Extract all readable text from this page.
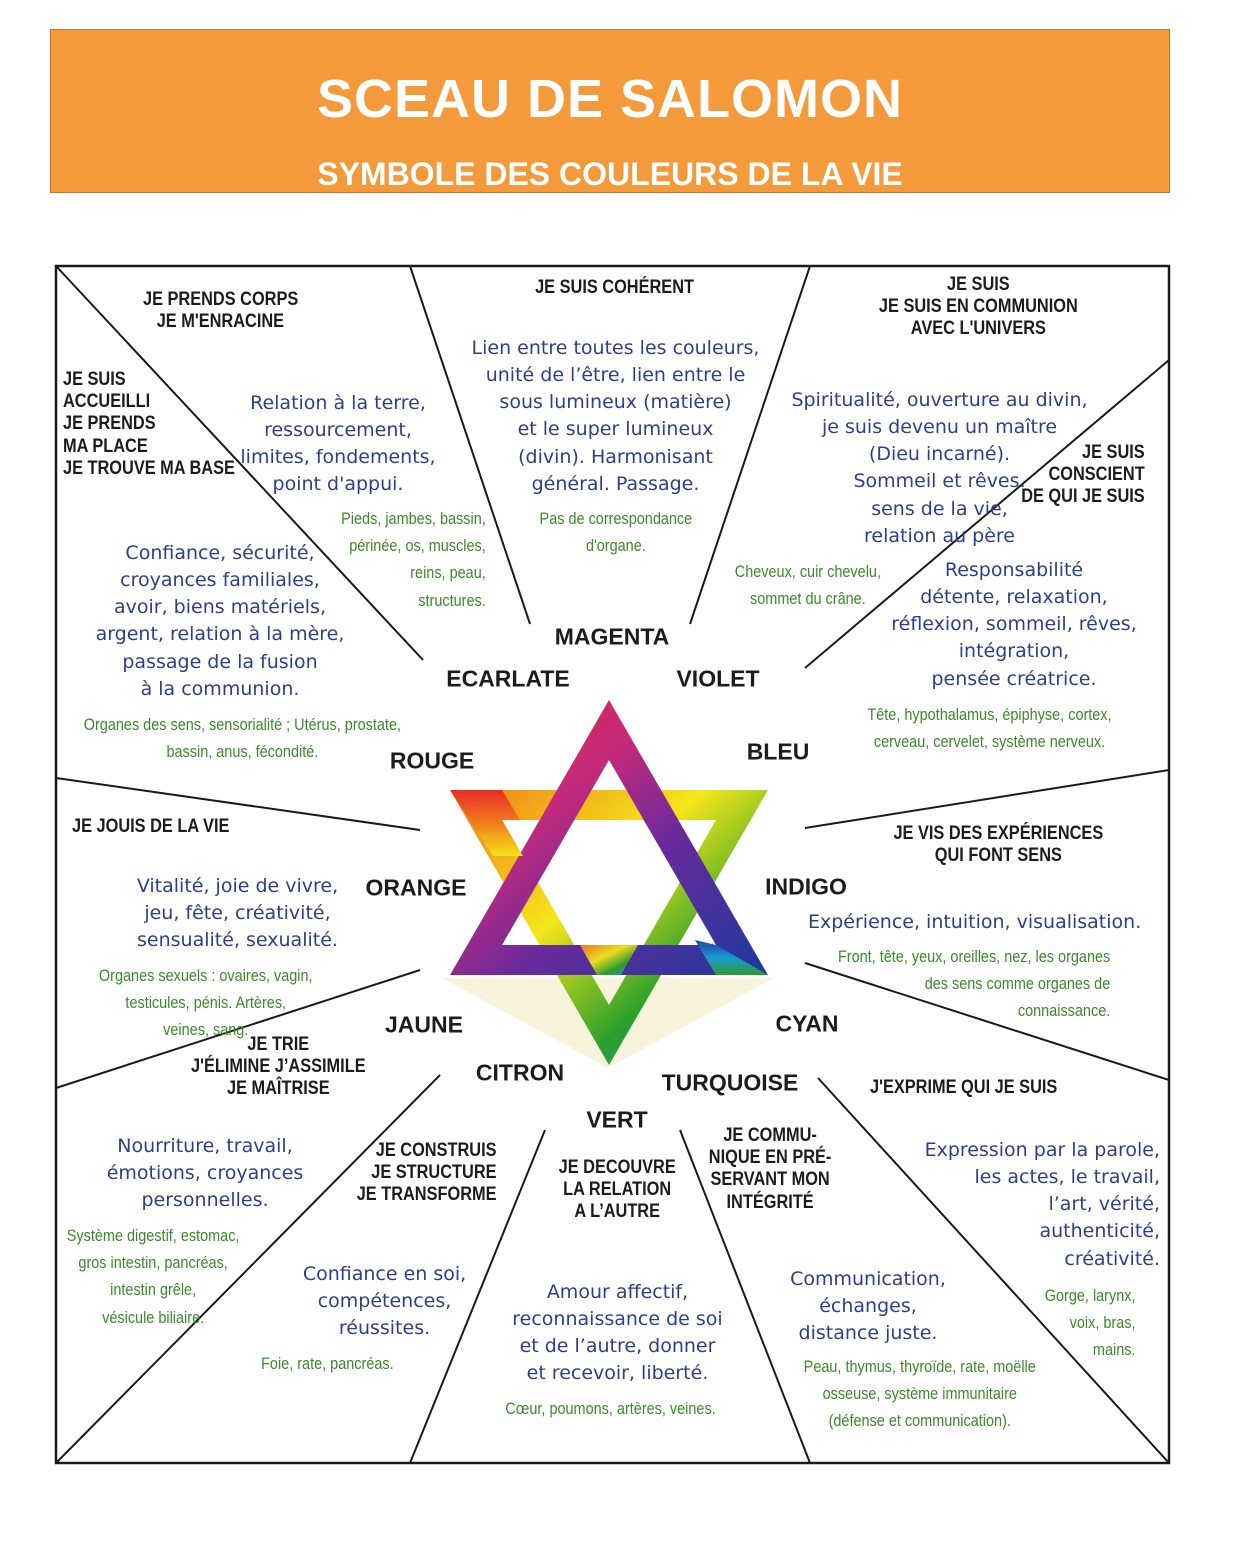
SCEAU DE SALOMON
SYMBOLE DES COULEURS DE LA VIE
MAGENTA
ECARLATE	VIOLET
ROUGE	BLEU
ORANGE	INDIGO
JAUNE	CYAN
CITRON	TURQUOISE
VERT
JE PRENDS CORPS
JE M'ENRACINE
Relation à la terre,
ressourcement,
limites, fondements,
point d'appui.
Pieds, jambes, bassin,
périnée, os, muscles,
reins, peau,
structures.
JE SUIS COHÉRENT
Lien entre toutes les couleurs,
unité de l’être, lien entre le
sous lumineux (matière)
et le super lumineux
(divin). Harmonisant
général. Passage.
Pas de correspondance
d'organe.
JE SUIS
JE SUIS EN COMMUNION
AVEC L'UNIVERS
Spiritualité, ouverture au divin,
je suis devenu un maître
(Dieu incarné).
Sommeil et rêves.
sens de la vie,
relation au père
Cheveux, cuir chevelu,
sommet du crâne.
JE SUIS
ACCUEILLI
JE PRENDS
MA PLACE
JE TROUVE MA BASE
Confiance, sécurité,
croyances familiales,
avoir, biens matériels,
argent, relation à la mère,
passage de la fusion
à la communion.
Organes des sens, sensorialité ; Utérus, prostate,
bassin, anus, fécondité.
JE SUIS
CONSCIENT
DE QUI JE SUIS
Responsabilité
détente, relaxation,
réflexion, sommeil, rêves,
intégration,
pensée créatrice.
Tête, hypothalamus, épiphyse, cortex,
cerveau, cervelet, système nerveux.
JE JOUIS DE LA VIE
Vitalité, joie de vivre,
jeu, fête, créativité,
sensualité, sexualité.
Organes sexuels : ovaires, vagin,
testicules, pénis. Artères,
veines, sang.
JE VIS DES EXPÉRIENCES
QUI FONT SENS
Expérience, intuition, visualisation.
Front, tête, yeux, oreilles, nez, les organes
des sens comme organes de
connaissance.
JE TRIE
J'ÉLIMINE J’ASSIMILE
JE MAÎTRISE
Nourriture, travail,
émotions, croyances
personnelles.
Système digestif, estomac,
gros intestin, pancréas,
intestin grêle,
vésicule biliaire.
JE CONSTRUIS
JE STRUCTURE
JE TRANSFORME
Confiance en soi,
compétences,
réussites.
Foie, rate, pancréas.
JE DECOUVRE
LA RELATION
A L’AUTRE
Amour affectif,
reconnaissance de soi
et de l’autre, donner
et recevoir, liberté.
Cœur, poumons, artères, veines.
JE COMMU-
NIQUE EN PRÉ-
SERVANT MON
INTÉGRITÉ
Communication,
échanges,
distance juste.
Peau, thymus, thyroïde, rate, moëlle
osseuse, système immunitaire
(défense et communication).
J'EXPRIME QUI JE SUIS
Expression par la parole,
les actes, le travail,
l’art, vérité,
authenticité,
créativité.
Gorge, larynx,
voix, bras,
mains.
